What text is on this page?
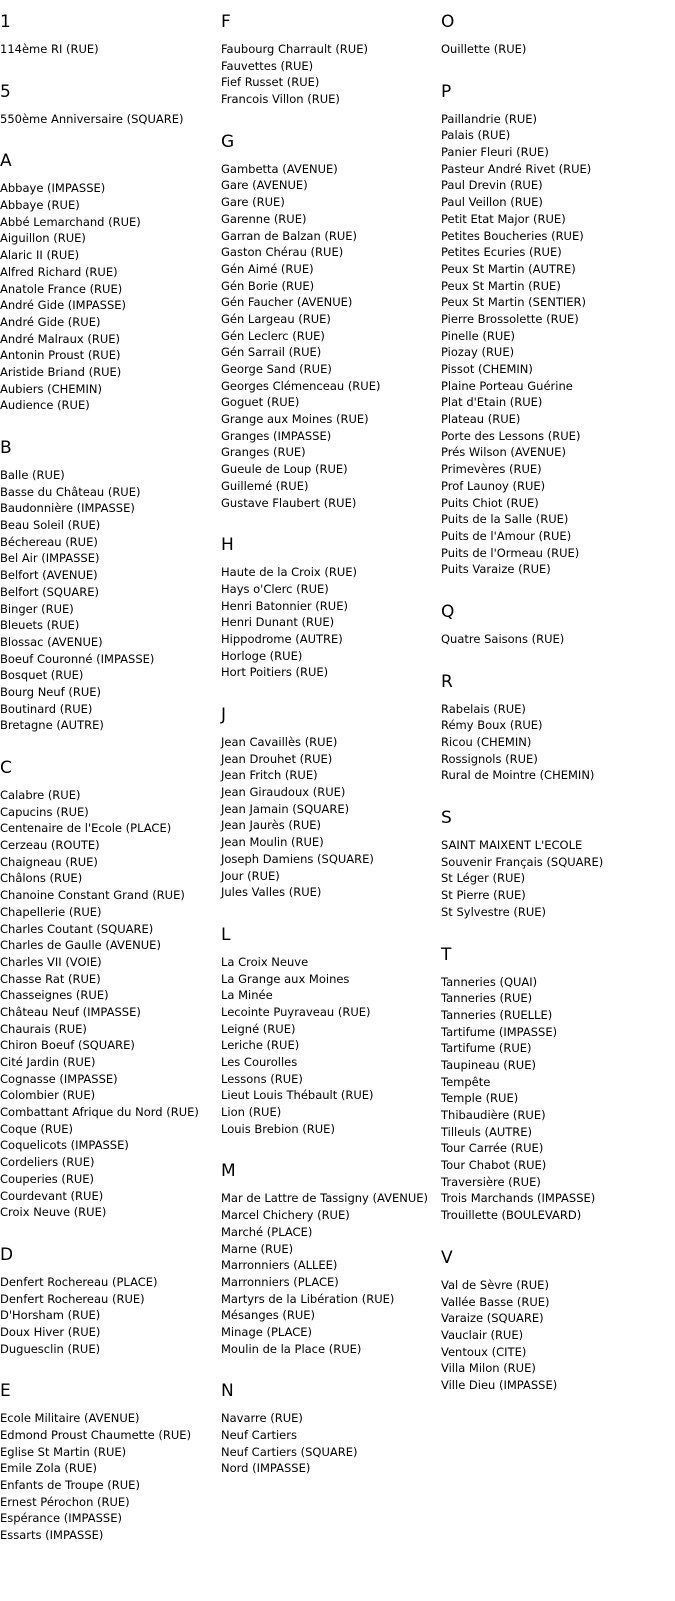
1
114ème RI (RUE)
5
550ème Anniversaire (SQUARE)
A
Abbaye (IMPASSE)
Abbaye (RUE)
Abbé Lemarchand (RUE)
Aiguillon (RUE)
Alaric II (RUE)
Alfred Richard (RUE)
Anatole France (RUE)
André Gide (IMPASSE)
André Gide (RUE)
André Malraux (RUE)
Antonin Proust (RUE)
Aristide Briand (RUE)
Aubiers (CHEMIN)
Audience (RUE)
B
Balle (RUE)
Basse du Château (RUE)
Baudonnière (IMPASSE)
Beau Soleil (RUE)
Béchereau (RUE)
Bel Air (IMPASSE)
Belfort (AVENUE)
Belfort (SQUARE)
Binger (RUE)
Bleuets (RUE)
Blossac (AVENUE)
Boeuf Couronné (IMPASSE)
Bosquet (RUE)
Bourg Neuf (RUE)
Boutinard (RUE)
Bretagne (AUTRE)
C
Calabre (RUE)
Capucins (RUE)
Centenaire de l'Ecole (PLACE)
Cerzeau (ROUTE)
Chaigneau (RUE)
Châlons (RUE)
Chanoine Constant Grand (RUE)
Chapellerie (RUE)
Charles Coutant (SQUARE)
Charles de Gaulle (AVENUE)
Charles VII (VOIE)
Chasse Rat (RUE)
Chasseignes (RUE)
Château Neuf (IMPASSE)
Chaurais (RUE)
Chiron Boeuf (SQUARE)
Cité Jardin (RUE)
Cognasse (IMPASSE)
Colombier (RUE)
Combattant Afrique du Nord (RUE)
Coque (RUE)
Coquelicots (IMPASSE)
Cordeliers (RUE)
Couperies (RUE)
Courdevant (RUE)
Croix Neuve (RUE)
D
Denfert Rochereau (PLACE)
Denfert Rochereau (RUE)
D'Horsham (RUE)
Doux Hiver (RUE)
Duguesclin (RUE)
E
Ecole Militaire (AVENUE)
Edmond Proust Chaumette (RUE)
Eglise St Martin (RUE)
Emile Zola (RUE)
Enfants de Troupe (RUE)
Ernest Pérochon (RUE)
Espérance (IMPASSE)
Essarts (IMPASSE)
F
Faubourg Charrault (RUE)
Fauvettes (RUE)
Fief Russet (RUE)
Francois Villon (RUE)
G
Gambetta (AVENUE)
Gare (AVENUE)
Gare (RUE)
Garenne (RUE)
Garran de Balzan (RUE)
Gaston Chérau (RUE)
Gén Aimé (RUE)
Gén Borie (RUE)
Gén Faucher (AVENUE)
Gén Largeau (RUE)
Gén Leclerc (RUE)
Gén Sarrail (RUE)
George Sand (RUE)
Georges Clémenceau (RUE)
Goguet (RUE)
Grange aux Moines (RUE)
Granges (IMPASSE)
Granges (RUE)
Gueule de Loup (RUE)
Guillemé (RUE)
Gustave Flaubert (RUE)
H
Haute de la Croix (RUE)
Hays o'Clerc (RUE)
Henri Batonnier (RUE)
Henri Dunant (RUE)
Hippodrome (AUTRE)
Horloge (RUE)
Hort Poitiers (RUE)
J
Jean Cavaillès (RUE)
Jean Drouhet (RUE)
Jean Fritch (RUE)
Jean Giraudoux (RUE)
Jean Jamain (SQUARE)
Jean Jaurès (RUE)
Jean Moulin (RUE)
Joseph Damiens (SQUARE)
Jour (RUE)
Jules Valles (RUE)
L
La Croix Neuve
La Grange aux Moines
La Minée
Lecointe Puyraveau (RUE)
Leigné (RUE)
Leriche (RUE)
Les Courolles
Lessons (RUE)
Lieut Louis Thébault (RUE)
Lion (RUE)
Louis Brebion (RUE)
M
Mar de Lattre de Tassigny (AVENUE)
Marcel Chichery (RUE)
Marché (PLACE)
Marne (RUE)
Marronniers (ALLEE)
Marronniers (PLACE)
Martyrs de la Libération (RUE)
Mésanges (RUE)
Minage (PLACE)
Moulin de la Place (RUE)
N
Navarre (RUE)
Neuf Cartiers
Neuf Cartiers (SQUARE)
Nord (IMPASSE)
O
Ouillette (RUE)
P
Paillandrie (RUE)
Palais (RUE)
Panier Fleuri (RUE)
Pasteur André Rivet (RUE)
Paul Drevin (RUE)
Paul Veillon (RUE)
Petit Etat Major (RUE)
Petites Boucheries (RUE)
Petites Ecuries (RUE)
Peux St Martin (AUTRE)
Peux St Martin (RUE)
Peux St Martin (SENTIER)
Pierre Brossolette (RUE)
Pinelle (RUE)
Piozay (RUE)
Pissot (CHEMIN)
Plaine Porteau Guérine
Plat d'Etain (RUE)
Plateau (RUE)
Porte des Lessons (RUE)
Prés Wilson (AVENUE)
Primevères (RUE)
Prof Launoy (RUE)
Puits Chiot (RUE)
Puits de la Salle (RUE)
Puits de l'Amour (RUE)
Puits de l'Ormeau (RUE)
Puits Varaize (RUE)
Q
Quatre Saisons (RUE)
R
Rabelais (RUE)
Rémy Boux (RUE)
Ricou (CHEMIN)
Rossignols (RUE)
Rural de Mointre (CHEMIN)
S
SAINT MAIXENT L'ECOLE
Souvenir Français (SQUARE)
St Léger (RUE)
St Pierre (RUE)
St Sylvestre (RUE)
T
Tanneries (QUAI)
Tanneries (RUE)
Tanneries (RUELLE)
Tartifume (IMPASSE)
Tartifume (RUE)
Taupineau (RUE)
Tempête
Temple (RUE)
Thibaudière (RUE)
Tilleuls (AUTRE)
Tour Carrée (RUE)
Tour Chabot (RUE)
Traversière (RUE)
Trois Marchands (IMPASSE)
Trouillette (BOULEVARD)
V
Val de Sèvre (RUE)
Vallée Basse (RUE)
Varaize (SQUARE)
Vauclair (RUE)
Ventoux (CITE)
Villa Milon (RUE)
Ville Dieu (IMPASSE)
